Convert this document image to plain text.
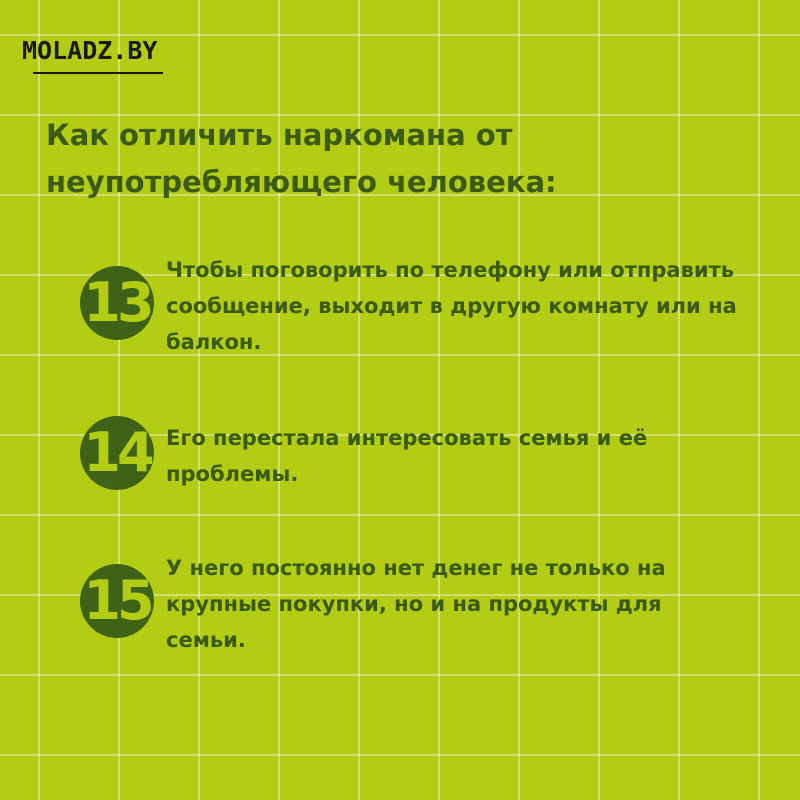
MOLADZ.BY
Как отличить наркомана от неупотребляющего человека:
13
Чтобы поговорить по телефону или отправить сообщение, выходит в другую комнату или на балкон.
14 Его перестала интересовать семья и её проблемы.
15
У него постоянно нет денег не только на крупные покупки, но и на продукты для семьи.
